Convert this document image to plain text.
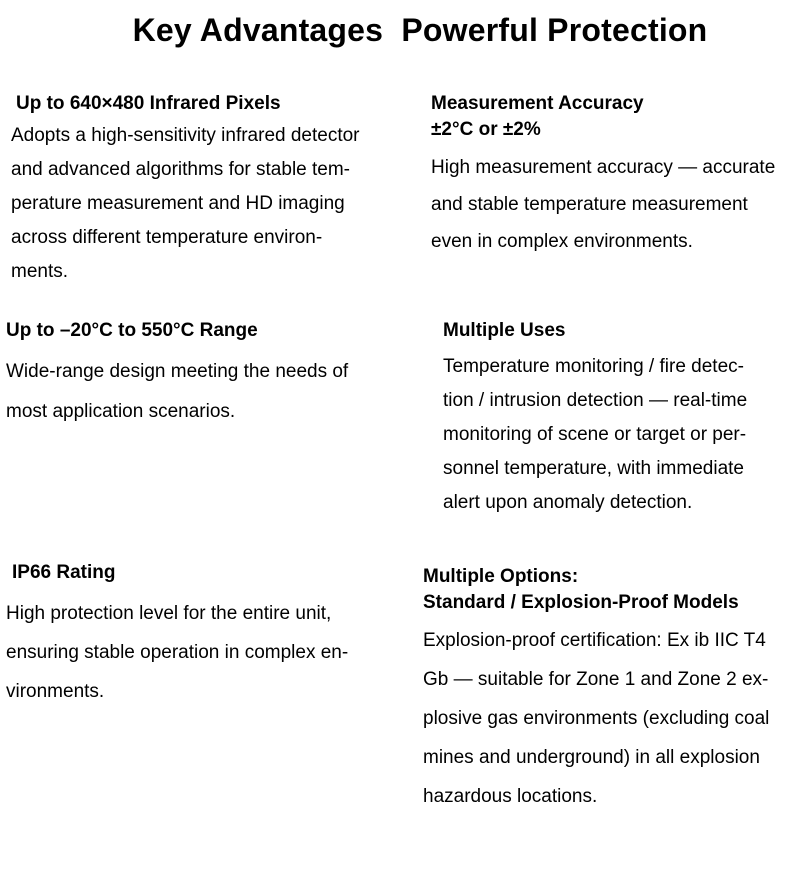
Key Advantages  Powerful Protection
Up to 640×480 Infrared Pixels

Adopts a high-sensitivity infrared detector
and advanced algorithms for stable tem-
perature measurement and HD imaging
across different temperature environ-
ments.

Measurement Accuracy
±2°C or ±2%

High measurement accuracy — accurate
and stable temperature measurement
even in complex environments.

Up to –20°C to 550°C Range

Wide-range design meeting the needs of
most application scenarios.

Multiple Uses

Temperature monitoring / fire detec-
tion / intrusion detection — real-time
monitoring of scene or target or per-
sonnel temperature, with immediate
alert upon anomaly detection.

IP66 Rating

High protection level for the entire unit,
ensuring stable operation in complex en-
vironments.

Multiple Options:
Standard / Explosion-Proof Models

Explosion-proof certification: Ex ib IIC T4
Gb — suitable for Zone 1 and Zone 2 ex-
plosive gas environments (excluding coal
mines and underground) in all explosion
hazardous locations.
